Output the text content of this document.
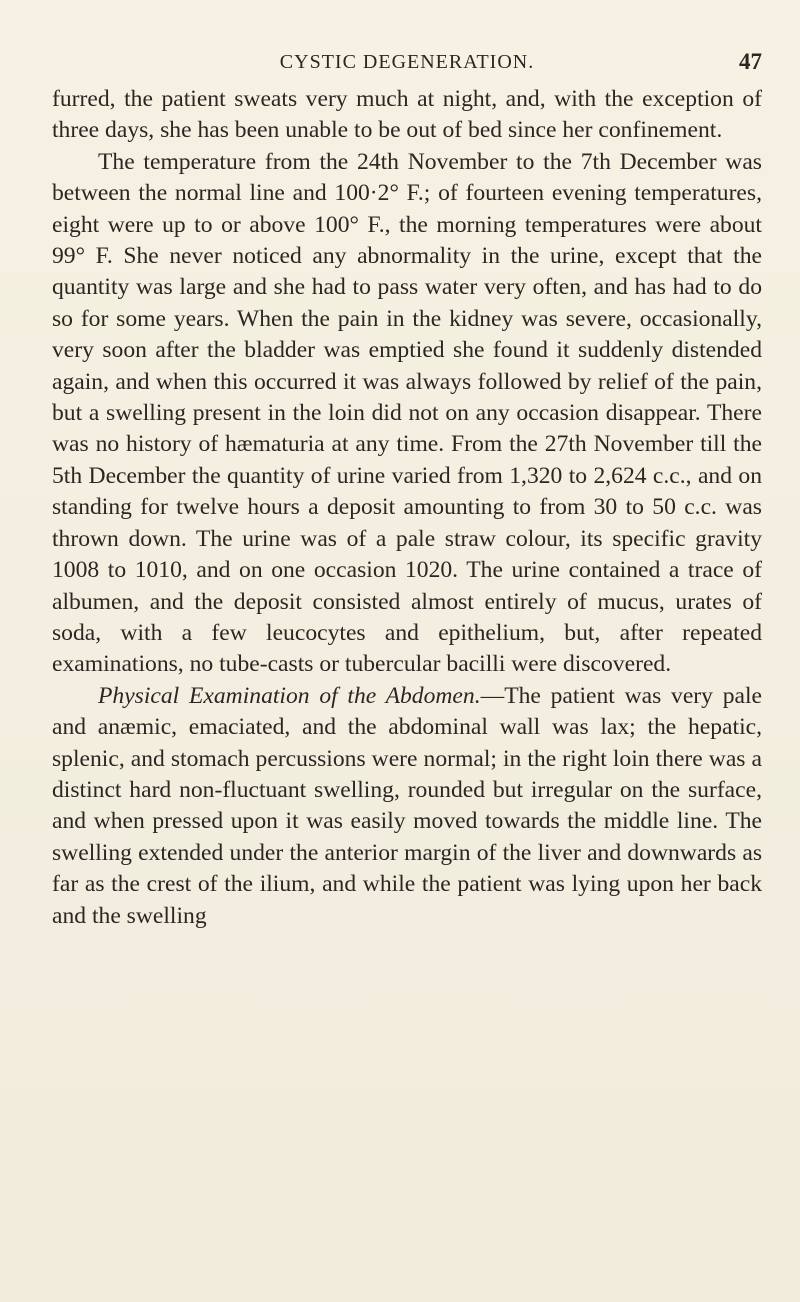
CYSTIC DEGENERATION.	47

furred, the patient sweats very much at night, and, with the exception of three days, she has been unable to be out of bed since her confinement.

The temperature from the 24th November to the 7th December was between the normal line and 100·2° F.; of fourteen evening temperatures, eight were up to or above 100° F., the morning temperatures were about 99° F. She never noticed any abnormality in the urine, except that the quantity was large and she had to pass water very often, and has had to do so for some years. When the pain in the kidney was severe, occasionally, very soon after the bladder was emptied she found it suddenly distended again, and when this occurred it was always followed by relief of the pain, but a swelling present in the loin did not on any occasion disappear. There was no history of hæmaturia at any time. From the 27th November till the 5th December the quantity of urine varied from 1,320 to 2,624 c.c., and on standing for twelve hours a deposit amounting to from 30 to 50 c.c. was thrown down. The urine was of a pale straw colour, its specific gravity 1008 to 1010, and on one occasion 1020. The urine contained a trace of albumen, and the deposit consisted almost entirely of mucus, urates of soda, with a few leucocytes and epithelium, but, after repeated examinations, no tube-casts or tubercular bacilli were discovered.

Physical Examination of the Abdomen.—The patient was very pale and anæmic, emaciated, and the abdominal wall was lax; the hepatic, splenic, and stomach percussions were normal; in the right loin there was a distinct hard non-fluctuant swelling, rounded but irregular on the surface, and when pressed upon it was easily moved towards the middle line. The swelling extended under the anterior margin of the liver and downwards as far as the crest of the ilium, and while the patient was lying upon her back and the swelling
